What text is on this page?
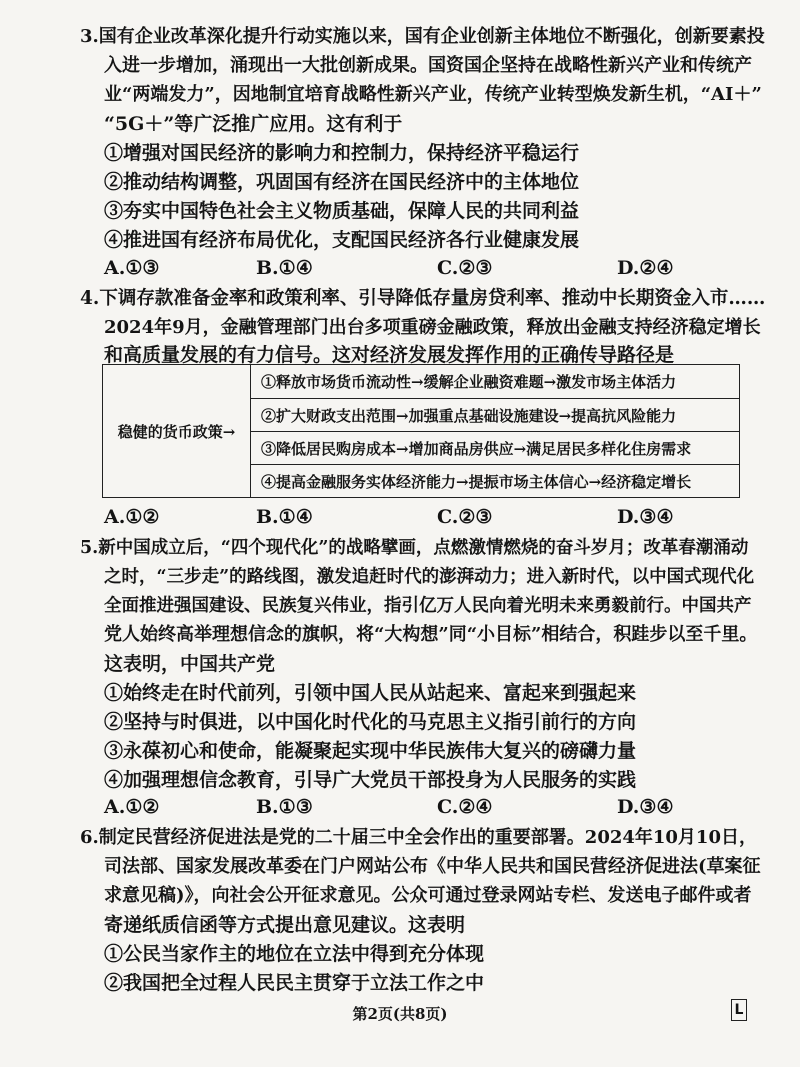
3.国有企业改革深化提升行动实施以来，国有企业创新主体地位不断强化，创新要素投
入进一步增加，涌现出一大批创新成果。国资国企坚持在战略性新兴产业和传统产
业“两端发力”，因地制宜培育战略性新兴产业，传统产业转型焕发新生机，“AI＋”
“5G＋”等广泛推广应用。这有利于
①增强对国民经济的影响力和控制力，保持经济平稳运行
②推动结构调整，巩固国有经济在国民经济中的主体地位
③夯实中国特色社会主义物质基础，保障人民的共同利益
④推进国有经济布局优化，支配国民经济各行业健康发展
A.①③	B.①④	C.②③	D.②④
4.下调存款准备金率和政策利率、引导降低存量房贷利率、推动中长期资金入市……
2024年9月，金融管理部门出台多项重磅金融政策，释放出金融支持经济稳定增长
和高质量发展的有力信号。这对经济发展发挥作用的正确传导路径是
稳健的货币政策→
①释放市场货币流动性→缓解企业融资难题→激发市场主体活力
②扩大财政支出范围→加强重点基础设施建设→提高抗风险能力
③降低居民购房成本→增加商品房供应→满足居民多样化住房需求
④提高金融服务实体经济能力→提振市场主体信心→经济稳定增长
A.①②	B.①④	C.②③	D.③④
5.新中国成立后，“四个现代化”的战略擘画，点燃激情燃烧的奋斗岁月；改革春潮涌动
之时，“三步走”的路线图，激发追赶时代的澎湃动力；进入新时代，以中国式现代化
全面推进强国建设、民族复兴伟业，指引亿万人民向着光明未来勇毅前行。中国共产
党人始终高举理想信念的旗帜，将“大构想”同“小目标”相结合，积跬步以至千里。
这表明，中国共产党
①始终走在时代前列，引领中国人民从站起来、富起来到强起来
②坚持与时俱进，以中国化时代化的马克思主义指引前行的方向
③永葆初心和使命，能凝聚起实现中华民族伟大复兴的磅礴力量
④加强理想信念教育，引导广大党员干部投身为人民服务的实践
A.①②	B.①③	C.②④	D.③④
6.制定民营经济促进法是党的二十届三中全会作出的重要部署。2024年10月10日，
司法部、国家发展改革委在门户网站公布《中华人民共和国民营经济促进法(草案征
求意见稿)》，向社会公开征求意见。公众可通过登录网站专栏、发送电子邮件或者
寄递纸质信函等方式提出意见建议。这表明
①公民当家作主的地位在立法中得到充分体现
②我国把全过程人民民主贯穿于立法工作之中
第2页(共8页)	L
